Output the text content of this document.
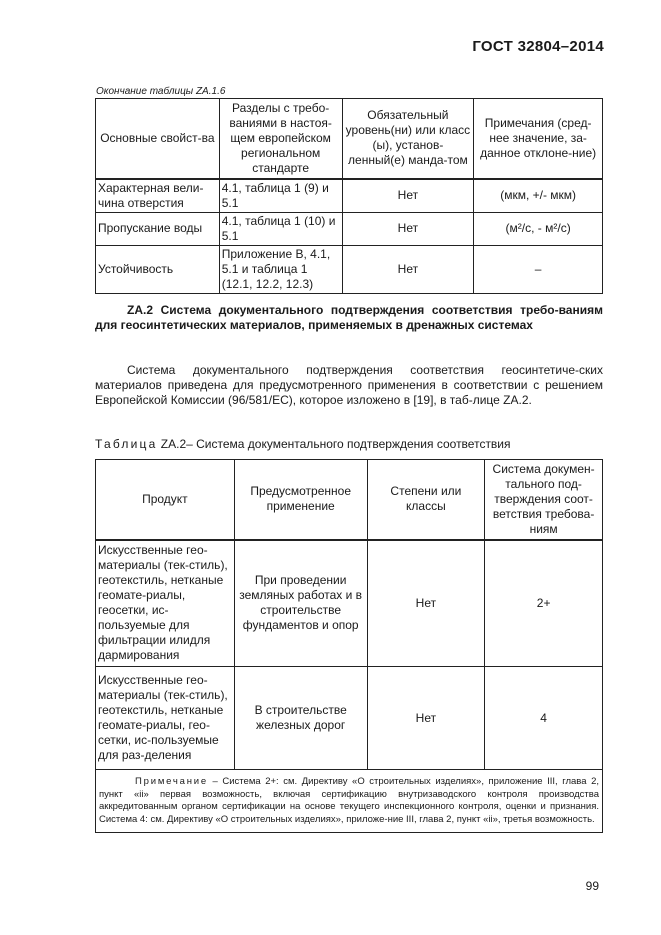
ГОСТ 32804–2014
Окончание таблицы ZA.1.6
Основные свойст-ва	Разделы с требо-ваниями в настоя-щем европейском региональном стандарте	Обязательный уровень(ни) или класс (ы), установ-ленный(е) манда-том	Примечания (сред-нее значение, за-данное отклоне-ние)
Характерная вели-чина отверстия	4.1, таблица 1 (9) и 5.1	Нет	(мкм, +/- мкм)
Пропускание воды	4.1, таблица 1 (10) и 5.1	Нет	(м²/с, - м²/с)
Устойчивость	Приложение В, 4.1, 5.1 и таблица 1 (12.1, 12.2, 12.3)	Нет	–
ZA.2 Система документального подтверждения соответствия требо-ваниям для геосинтетических материалов, применяемых в дренажных системах
Система документального подтверждения соответствия геосинтетиче-ских материалов приведена для предусмотренного применения в соответствии с решением Европейской Комиссии (96/581/ЕС), которое изложено в [19], в таб-лице ZA.2.
Таблица ZA.2– Система документального подтверждения соответствия
Продукт	Предусмотренное применение	Степени или классы	Система докумен-тального под-тверждения соот-ветствия требова-ниям
Искусственные гео-материалы (тек-стиль), геотекстиль, нетканые геомате-риалы, геосетки, ис-пользуемые для фильтрации илидля дармирования	При проведении земляных работах и в строительстве фундаментов и опор	Нет	2+
Искусственные гео-материалы (тек-стиль), геотекстиль, нетканые геомате-риалы, гео-сетки, ис-пользуемые для раз-деления	В строительстве железных дорог	Нет	4
Примечание – Система 2+: см. Директиву «О строительных изделиях», приложение III, глава 2, пункт «ii» первая возможность, включая сертификацию внутризаводского контроля производства аккредитованным органом сертификации на основе текущего инспекционного контроля, оценки и признания. Система 4: см. Директиву «О строительных изделиях», приложе-ние III, глава 2, пункт «ii», третья возможность.			
99
